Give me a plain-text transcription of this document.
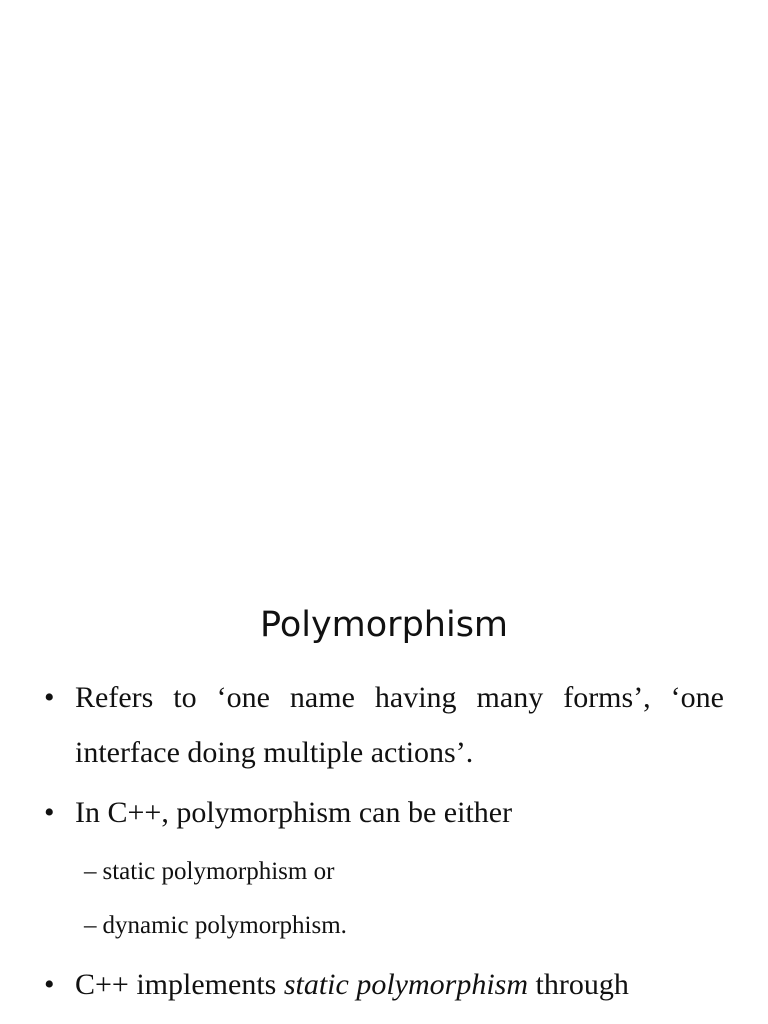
Polymorphism
• Refers to ‘one name having many forms’, ‘one interface doing multiple actions’.
• In C++, polymorphism can be either
– static polymorphism or
– dynamic polymorphism.
• C++ implements static polymorphism through
